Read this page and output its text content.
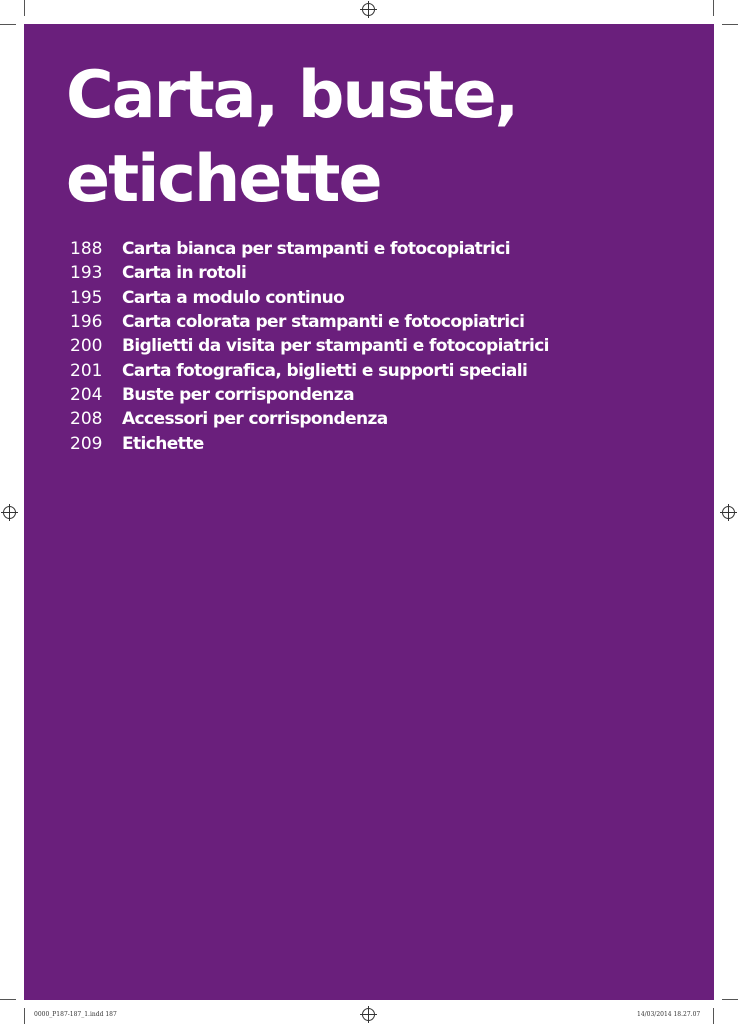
Carta, buste,
etichette
188	Carta bianca per stampanti e fotocopiatrici
193	Carta in rotoli
195	Carta a modulo continuo
196	Carta colorata per stampanti e fotocopiatrici
200	Biglietti da visita per stampanti e fotocopiatrici
201	Carta fotografica, biglietti e supporti speciali
204	Buste per corrispondenza
208	Accessori per corrispondenza
209	Etichette
0000_P187-187_1.indd 187	14/03/2014 18.27.07
